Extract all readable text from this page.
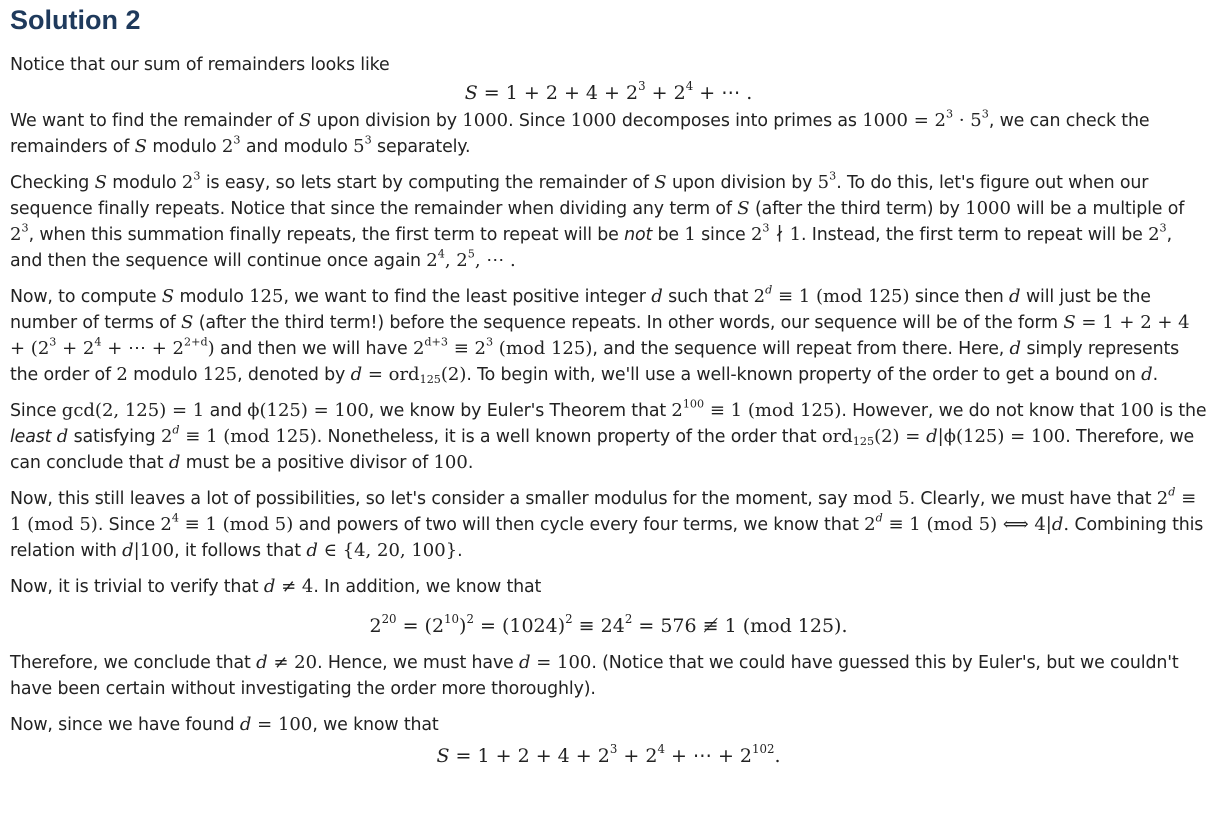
Solution 2

Notice that our sum of remainders looks like

$S = 1 + 2 + 4 + 2^3 + 2^4$ + ⋯ .

We want to find the remainder of S upon division by 1000. Since 1000 decomposes into primes as $1000 = 2^3 \cdot 5^3$, we can check the remainders of S modulo $2^3$ and modulo $5^3$ separately.

Checking S modulo $2^3$ is easy, so lets start by computing the remainder of S upon division by $5^3$. To do this, let's figure out when our sequence finally repeats. Notice that since the remainder when dividing any term of S (after the third term) by 1000 will be a multiple of $2^3$, when this summation finally repeats, the first term to repeat will be not be 1 since $2^3$ ∤ 1. Instead, the first term to repeat will be $2^3$, and then the sequence will continue once again $2^4$, $2^5$, ⋯ .

Now, to compute S modulo 125, we want to find the least positive integer d such that $2^d \equiv 1$ (mod 125) since then d will just be the number of terms of S (after the third term!) before the sequence repeats. In other words, our sequence will be of the form $S = 1 + 2 + 4 + (2^3 + 2^4$ + ⋯ + $2^{2+d}$) and then we will have $2^{d+3} \equiv 2^3$ (mod 125), and the sequence will repeat from there. Here, d simply represents the order of 2 modulo 125, denoted by d = ord$_{125}$(2). To begin with, we'll use a well-known property of the order to get a bound on d.

Since gcd(2, 125) = 1 and ϕ(125) = 100, we know by Euler's Theorem that $2^{100} \equiv 1$ (mod 125). However, we do not know that 100 is the least d satisfying $2^d \equiv 1$ (mod 125). Nonetheless, it is a well known property of the order that ord$_{125}$(2) = d|ϕ(125) = 100. Therefore, we can conclude that d must be a positive divisor of 100.

Now, this still leaves a lot of possibilities, so let's consider a smaller modulus for the moment, say mod 5. Clearly, we must have that $2^d \equiv 1$ (mod 5). Since $2^4 \equiv 1$ (mod 5) and powers of two will then cycle every four terms, we know that $2^d \equiv 1$ (mod 5) ⟺ 4|d. Combining this relation with d|100, it follows that d ∈ {4, 20, 100}.

Now, it is trivial to verify that d ≠ 4. In addition, we know that

$2^{20} = (2^{10})^2 = (1024)^2 \equiv 24^2 = 576$ ≢ 1 (mod 125).

Therefore, we conclude that d ≠ 20. Hence, we must have d = 100. (Notice that we could have guessed this by Euler's, but we couldn't have been certain without investigating the order more thoroughly).

Now, since we have found d = 100, we know that

$S = 1 + 2 + 4 + 2^3 + 2^4$ + ⋯ + $2^{102}$.
